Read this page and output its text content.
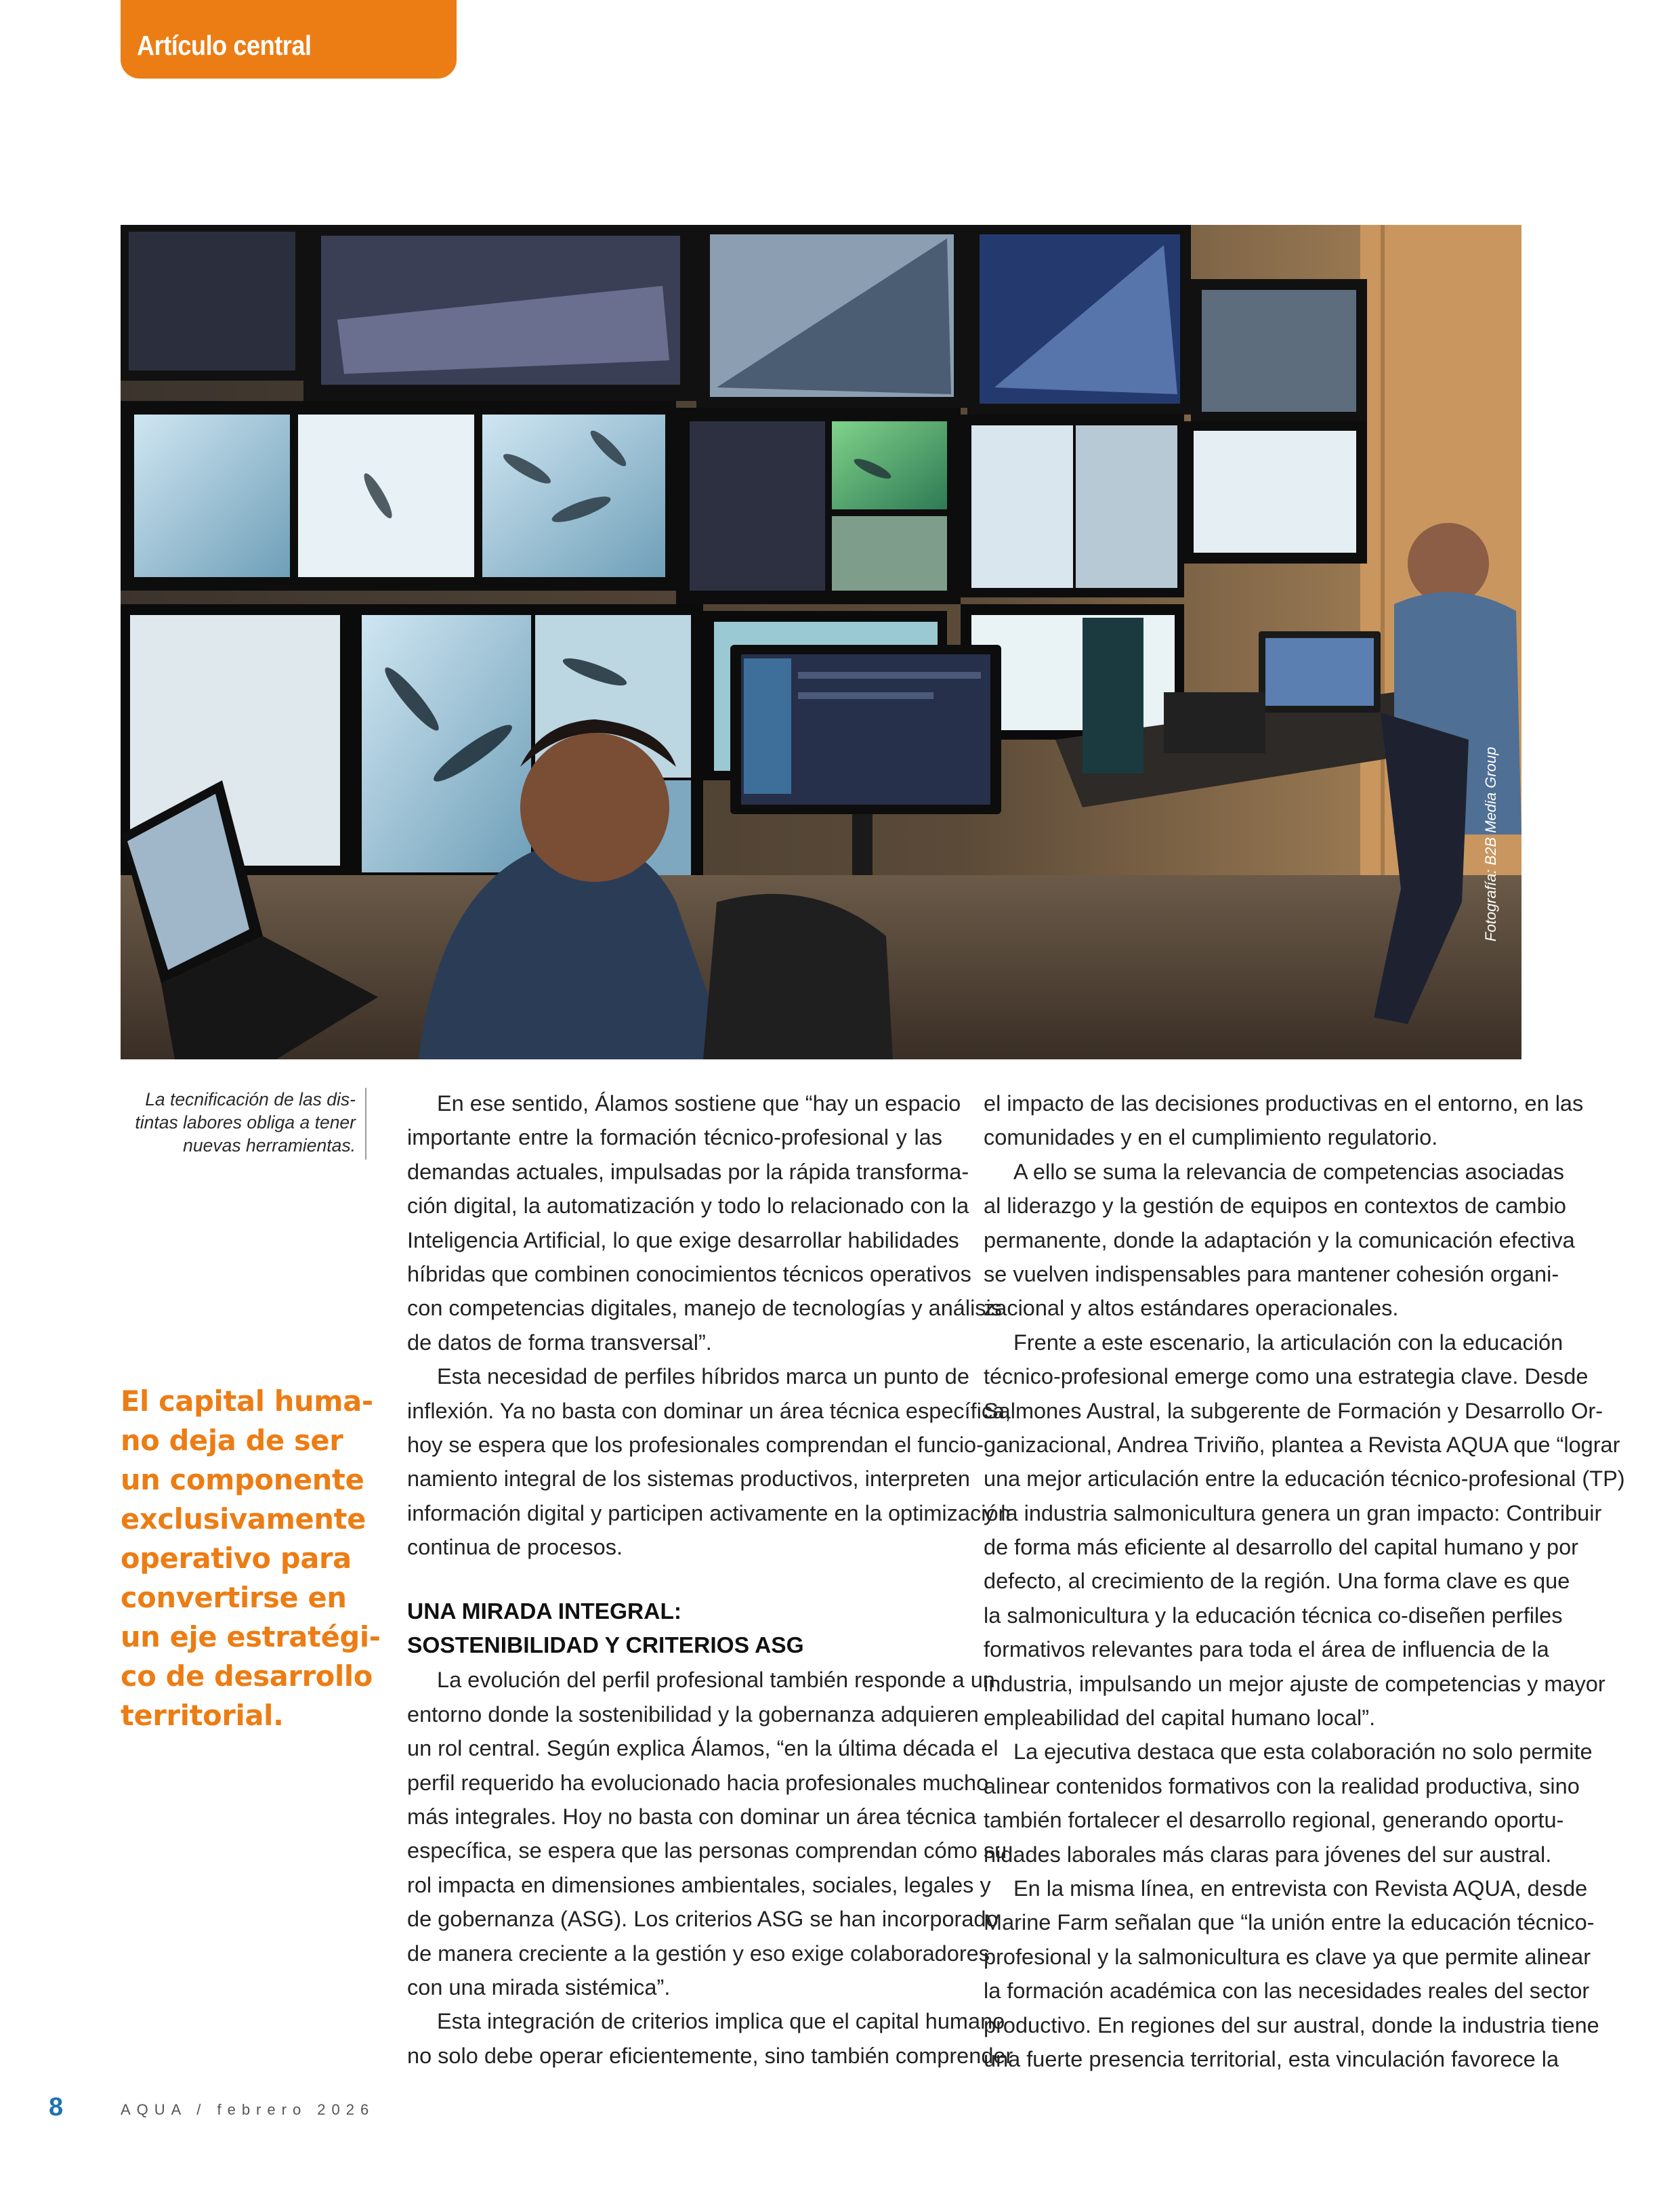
Artículo central
Fotografía: B2B Media Group
La tecnificación de las dis-
tintas labores obliga a tener
nuevas herramientas.
El capital huma-
no deja de ser
un componente
exclusivamente
operativo para
convertirse en
un eje estratégi-
co de desarrollo
territorial.
En ese sentido, Álamos sostiene que “hay un espacio
importante entre la formación técnico-profesional y las
demandas actuales, impulsadas por la rápida transforma-
ción digital, la automatización y todo lo relacionado con la
Inteligencia Artificial, lo que exige desarrollar habilidades
híbridas que combinen conocimientos técnicos operativos
con competencias digitales, manejo de tecnologías y análisis
de datos de forma transversal”.
Esta necesidad de perfiles híbridos marca un punto de
inflexión. Ya no basta con dominar un área técnica específica,
hoy se espera que los profesionales comprendan el funcio-
namiento integral de los sistemas productivos, interpreten
información digital y participen activamente en la optimización
continua de procesos.
UNA MIRADA INTEGRAL:
SOSTENIBILIDAD Y CRITERIOS ASG
La evolución del perfil profesional también responde a un
entorno donde la sostenibilidad y la gobernanza adquieren
un rol central. Según explica Álamos, “en la última década el
perfil requerido ha evolucionado hacia profesionales mucho
más integrales. Hoy no basta con dominar un área técnica
específica, se espera que las personas comprendan cómo su
rol impacta en dimensiones ambientales, sociales, legales y
de gobernanza (ASG). Los criterios ASG se han incorporado
de manera creciente a la gestión y eso exige colaboradores
con una mirada sistémica”.
Esta integración de criterios implica que el capital humano
no solo debe operar eficientemente, sino también comprender
el impacto de las decisiones productivas en el entorno, en las
comunidades y en el cumplimiento regulatorio.
A ello se suma la relevancia de competencias asociadas
al liderazgo y la gestión de equipos en contextos de cambio
permanente, donde la adaptación y la comunicación efectiva
se vuelven indispensables para mantener cohesión organi-
zacional y altos estándares operacionales.
Frente a este escenario, la articulación con la educación
técnico-profesional emerge como una estrategia clave. Desde
Salmones Austral, la subgerente de Formación y Desarrollo Or-
ganizacional, Andrea Triviño, plantea a Revista AQUA que “lograr
una mejor articulación entre la educación técnico-profesional (TP)
y la industria salmonicultura genera un gran impacto: Contribuir
de forma más eficiente al desarrollo del capital humano y por
defecto, al crecimiento de la región. Una forma clave es que
la salmonicultura y la educación técnica co-diseñen perfiles
formativos relevantes para toda el área de influencia de la
industria, impulsando un mejor ajuste de competencias y mayor
empleabilidad del capital humano local”.
La ejecutiva destaca que esta colaboración no solo permite
alinear contenidos formativos con la realidad productiva, sino
también fortalecer el desarrollo regional, generando oportu-
nidades laborales más claras para jóvenes del sur austral.
En la misma línea, en entrevista con Revista AQUA, desde
Marine Farm señalan que “la unión entre la educación técnico-
profesional y la salmonicultura es clave ya que permite alinear
la formación académica con las necesidades reales del sector
productivo. En regiones del sur austral, donde la industria tiene
una fuerte presencia territorial, esta vinculación favorece la
8	AQUA / febrero 2026
